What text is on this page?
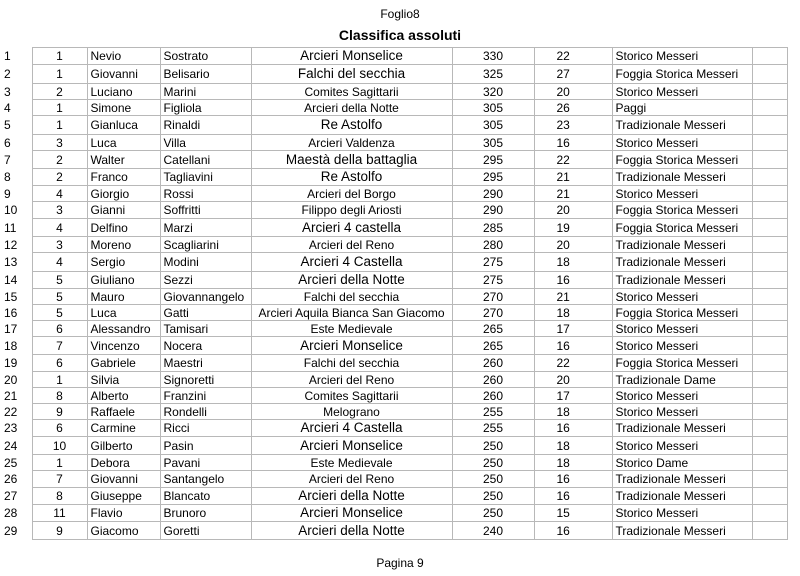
Foglio8
Classifica assoluti
1	1	Nevio	Sostrato	Arcieri Monselice	330	22	Storico Messeri	
2	1	Giovanni	Belisario	Falchi del secchia	325	27	Foggia Storica Messeri	
3	2	Luciano	Marini	Comites Sagittarii	320	20	Storico Messeri	
4	1	Simone	Figliola	Arcieri della Notte	305	26	Paggi	
5	1	Gianluca	Rinaldi	Re Astolfo	305	23	Tradizionale Messeri	
6	3	Luca	Villa	Arcieri Valdenza	305	16	Storico Messeri	
7	2	Walter	Catellani	Maestà della battaglia	295	22	Foggia Storica Messeri	
8	2	Franco	Tagliavini	Re Astolfo	295	21	Tradizionale Messeri	
9	4	Giorgio	Rossi	Arcieri del Borgo	290	21	Storico Messeri	
10	3	Gianni	Soffritti	Filippo degli Ariosti	290	20	Foggia Storica Messeri	
11	4	Delfino	Marzi	Arcieri 4 castella	285	19	Foggia Storica Messeri	
12	3	Moreno	Scagliarini	Arcieri del Reno	280	20	Tradizionale Messeri	
13	4	Sergio	Modini	Arcieri 4 Castella	275	18	Tradizionale Messeri	
14	5	Giuliano	Sezzi	Arcieri della Notte	275	16	Tradizionale Messeri	
15	5	Mauro	Giovannangelo	Falchi del secchia	270	21	Storico Messeri	
16	5	Luca	Gatti	Arcieri Aquila Bianca San Giacomo	270	18	Foggia Storica Messeri	
17	6	Alessandro	Tamisari	Este Medievale	265	17	Storico Messeri	
18	7	Vincenzo	Nocera	Arcieri Monselice	265	16	Storico Messeri	
19	6	Gabriele	Maestri	Falchi del secchia	260	22	Foggia Storica Messeri	
20	1	Silvia	Signoretti	Arcieri del Reno	260	20	Tradizionale Dame	
21	8	Alberto	Franzini	Comites Sagittarii	260	17	Storico Messeri	
22	9	Raffaele	Rondelli	Melograno	255	18	Storico Messeri	
23	6	Carmine	Ricci	Arcieri 4 Castella	255	16	Tradizionale Messeri	
24	10	Gilberto	Pasin	Arcieri Monselice	250	18	Storico Messeri	
25	1	Debora	Pavani	Este Medievale	250	18	Storico Dame	
26	7	Giovanni	Santangelo	Arcieri del Reno	250	16	Tradizionale Messeri	
27	8	Giuseppe	Blancato	Arcieri della Notte	250	16	Tradizionale Messeri	
28	11	Flavio	Brunoro	Arcieri Monselice	250	15	Storico Messeri	
29	9	Giacomo	Goretti	Arcieri della Notte	240	16	Tradizionale Messeri	
Pagina 9
